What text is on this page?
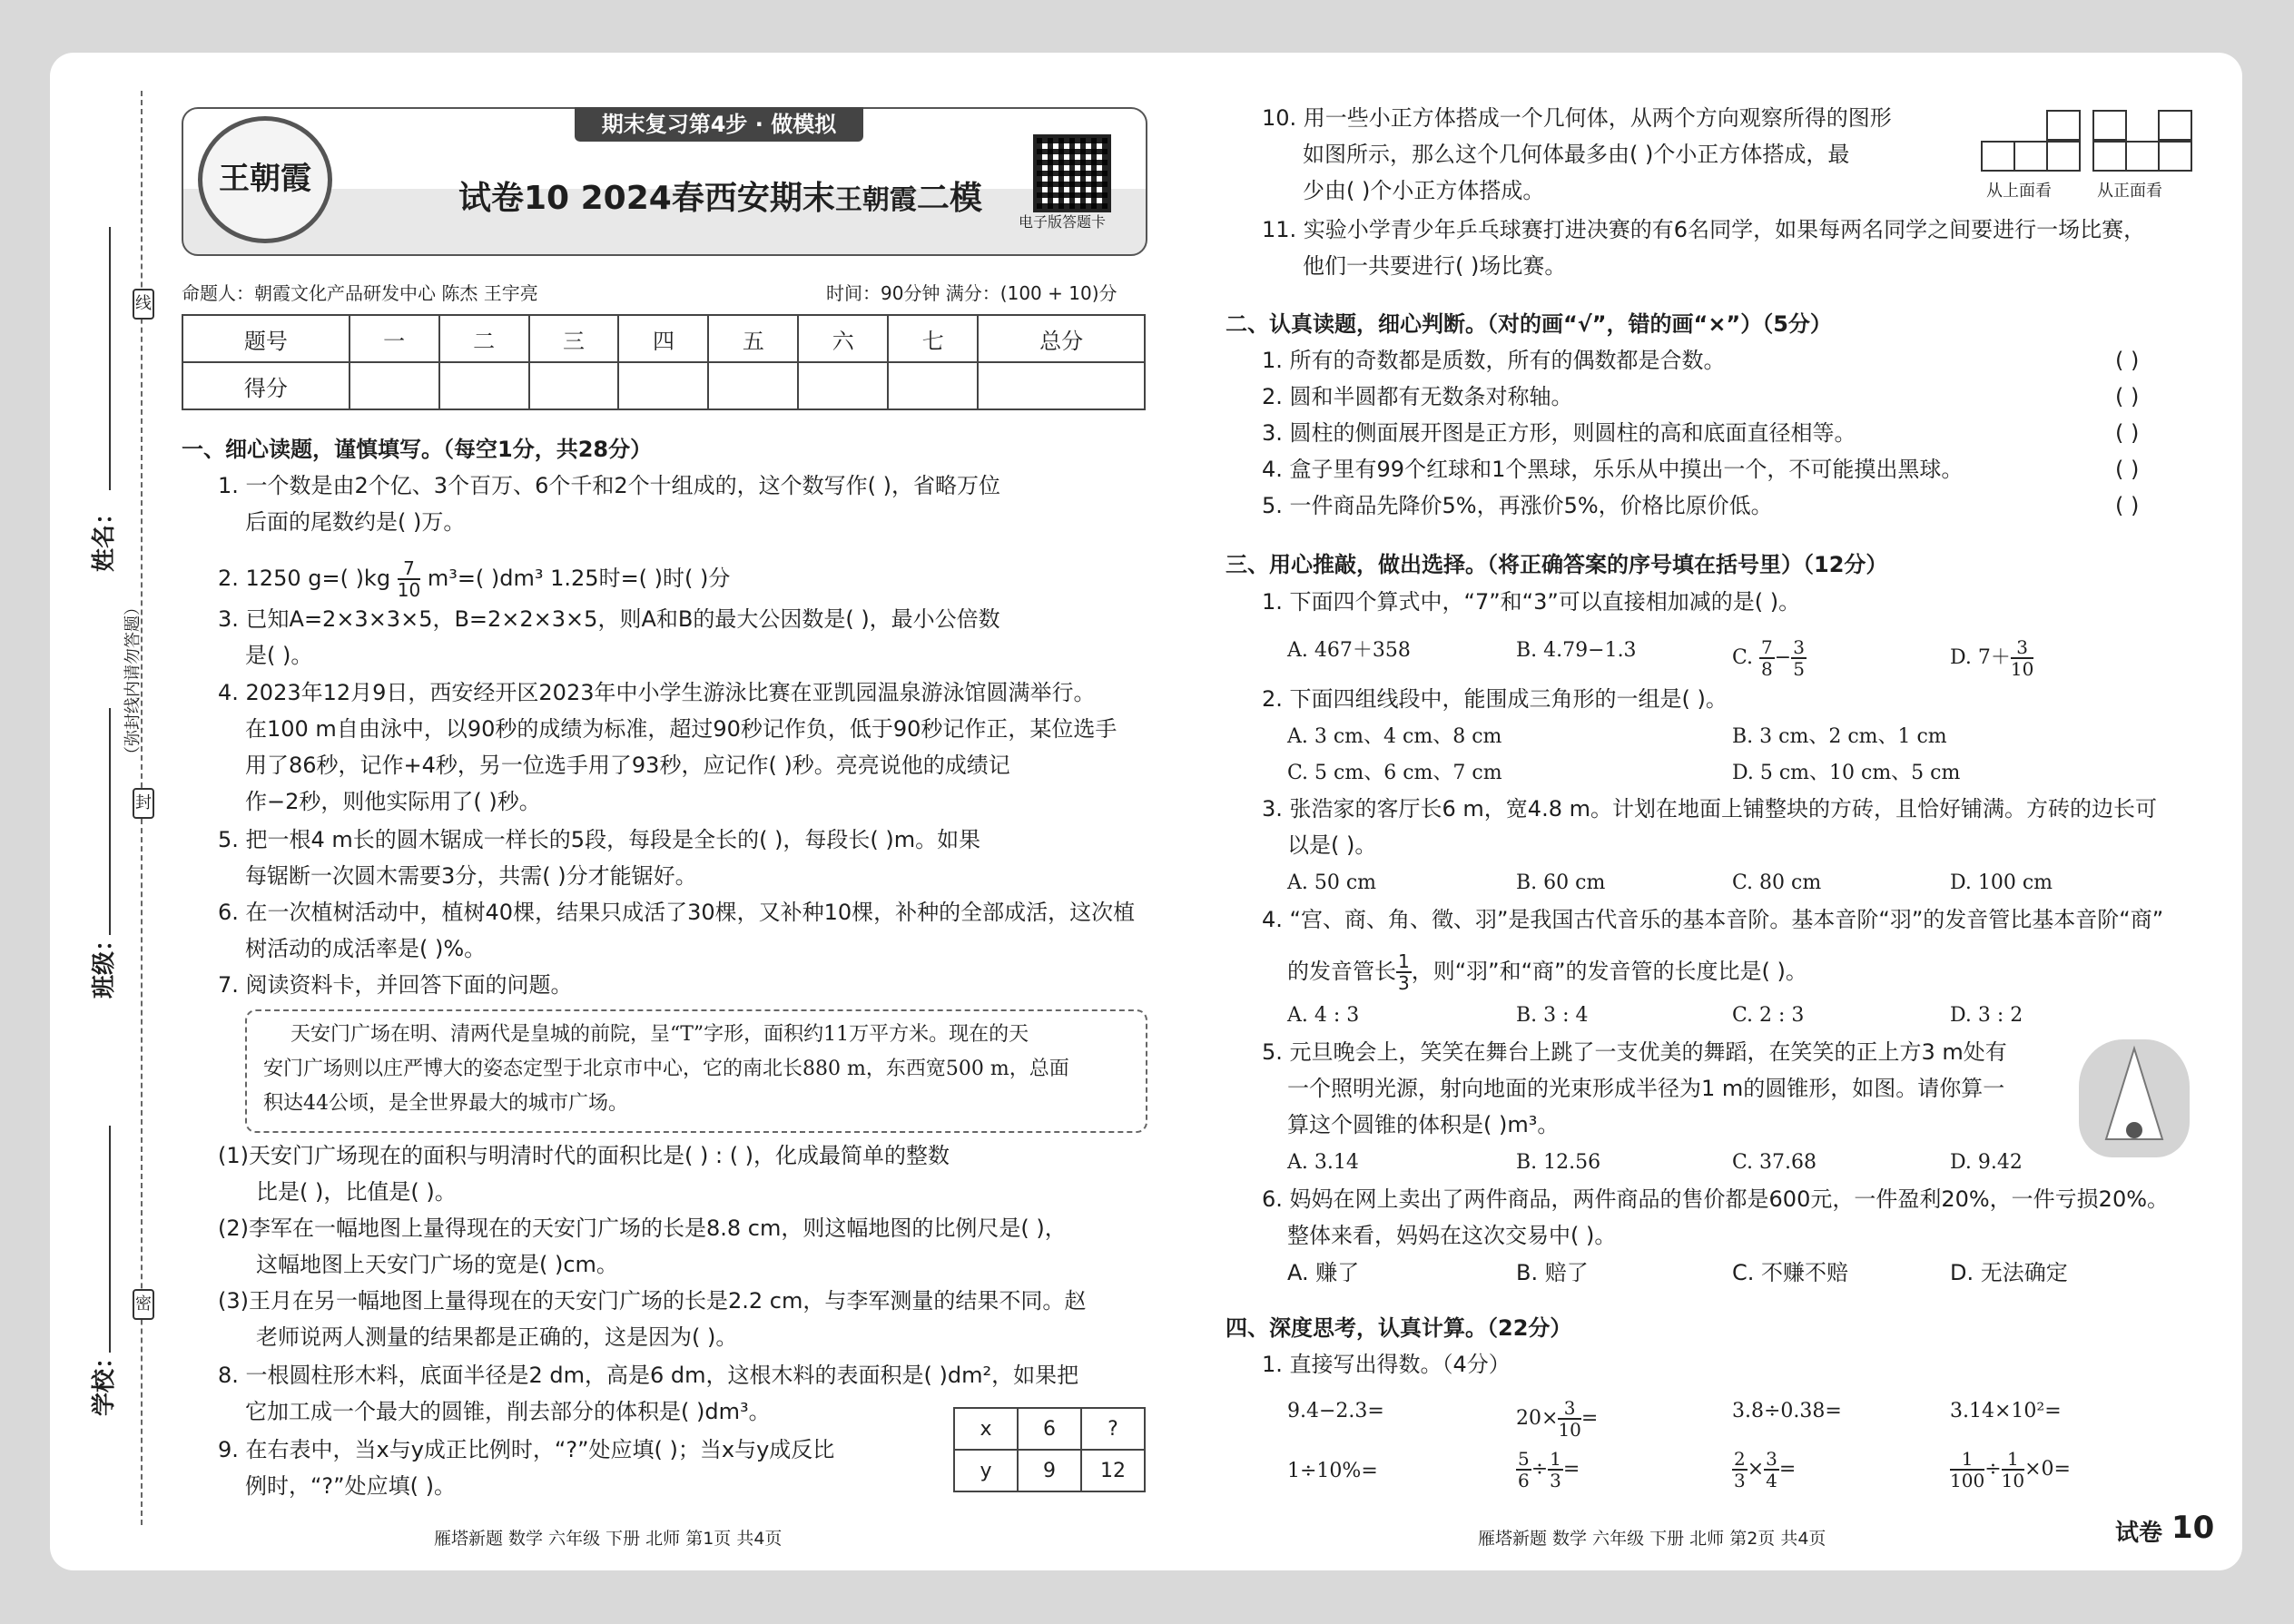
线
封
密
姓名：
班级：
学校：
（弥封线内请勿答题）
王朝霞
期末复习第4步 · 做模拟
试卷10 2024春西安期末王朝霞二模
电子版答题卡
命题人：朝霞文化产品研发中心 陈杰 王宇亮	时间：90分钟 满分：(100 + 10)分
题号	一	二	三	四	五	六	七	总分
得分								
一、细心读题，谨慎填写。（每空1分，共28分）
1. 一个数是由2个亿、3个百万、6个千和2个十组成的，这个数写作( )，省略万位
后面的尾数约是( )万。
2. 1250 g=( )$kg \frac{7}{10} m^3=$( )dm³ 1.25时=( )时( )分
3. 已知A=2×3×3×5，B=2×2×3×5，则A和B的最大公因数是( )，最小公倍数
是( )。
4. 2023年12月9日，西安经开区2023年中小学生游泳比赛在亚凯园温泉游泳馆圆满举行。
在100 m自由泳中，以90秒的成绩为标准，超过90秒记作负，低于90秒记作正，某位选手
用了86秒，记作+4秒，另一位选手用了93秒，应记作( )秒。亮亮说他的成绩记
作−2秒，则他实际用了( )秒。
5. 把一根4 m长的圆木锯成一样长的5段，每段是全长的( )，每段长( )m。如果
每锯断一次圆木需要3分，共需( )分才能锯好。
6. 在一次植树活动中，植树40棵，结果只成活了30棵，又补种10棵，补种的全部成活，这次植
树活动的成活率是( )%。
7. 阅读资料卡，并回答下面的问题。
天安门广场在明、清两代是皇城的前院，呈“T”字形，面积约11万平方米。现在的天
安门广场则以庄严博大的姿态定型于北京市中心，它的南北长880 m，东西宽500 m，总面
积达44公顷，是全世界最大的城市广场。
(1)天安门广场现在的面积与明清时代的面积比是( ) : ( )，化成最简单的整数
比是( )，比值是( )。
(2)李军在一幅地图上量得现在的天安门广场的长是8.8 cm，则这幅地图的比例尺是( )，
这幅地图上天安门广场的宽是( )cm。
(3)王月在另一幅地图上量得现在的天安门广场的长是2.2 cm，与李军测量的结果不同。赵
老师说两人测量的结果都是正确的，这是因为( )。
8. 一根圆柱形木料，底面半径是2 dm，高是6 dm，这根木料的表面积是( )dm²，如果把
它加工成一个最大的圆锥，削去部分的体积是( )dm³。
9. 在右表中，当x与y成正比例时，“?”处应填( )；当x与y成反比
例时，“?”处应填( )。
x	6	?
y	9	12
雁塔新题 数学 六年级 下册 北师 第1页 共4页
10. 用一些小正方体搭成一个几何体，从两个方向观察所得的图形
如图所示，那么这个几何体最多由( )个小正方体搭成，最
少由( )个小正方体搭成。	从上面看	从正面看
11. 实验小学青少年乒乓球赛打进决赛的有6名同学，如果每两名同学之间要进行一场比赛，
他们一共要进行( )场比赛。
二、认真读题，细心判断。（对的画“√”，错的画“×”）（5分）
1. 所有的奇数都是质数，所有的偶数都是合数。
2. 圆和半圆都有无数条对称轴。
3. 圆柱的侧面展开图是正方形，则圆柱的高和底面直径相等。
4. 盒子里有99个红球和1个黑球，乐乐从中摸出一个，不可能摸出黑球。
5. 一件商品先降价5%，再涨价5%，价格比原价低。
( )
( )
( )
( )
( )
三、用心推敲，做出选择。（将正确答案的序号填在括号里）（12分）
1. 下面四个算式中，“7”和“3”可以直接相加减的是( )。
A. 467＋358	B. 4.79−1.3	C. $\frac{7}{8} - \frac{3}{5}$	D. $7+ \frac{3}{10}$
2. 下面四组线段中，能围成三角形的一组是( )。
A. 3 cm、4 cm、8 cm	B. 3 cm、2 cm、1 cm
C. 5 cm、6 cm、7 cm	D. 5 cm、10 cm、5 cm
3. 张浩家的客厅长6 m，宽4.8 m。计划在地面上铺整块的方砖，且恰好铺满。方砖的边长可
以是( )。
A. 50 cm	B. 60 cm	C. 80 cm	D. 100 cm
4. “宫、商、角、徵、羽”是我国古代音乐的基本音阶。基本音阶“羽”的发音管比基本音阶“商”
的发音管长 $\frac{1}{3}$ ，则“羽”和“商”的发音管的长度比是( )。
A. 4 : 3	B. 3 : 4	C. 2 : 3	D. 3 : 2
5. 元旦晚会上，笑笑在舞台上跳了一支优美的舞蹈，在笑笑的正上方3 m处有
一个照明光源，射向地面的光束形成半径为1 m的圆锥形，如图。请你算一
算这个圆锥的体积是( )m³。
A. 3.14	B. 12.56	C. 37.68	D. 9.42
6. 妈妈在网上卖出了两件商品，两件商品的售价都是600元，一件盈利20%，一件亏损20%。
整体来看，妈妈在这次交易中( )。
A. 赚了	B. 赔了	C. 不赚不赔	D. 无法确定
四、深度思考，认真计算。（22分）
1. 直接写出得数。（4分）
9.4−2.3=	$20\times \frac{3}{10}$ =	3.8÷0.38=	3.14×10²=
1÷10%=	$\frac{5}{6} \div \frac{1}{3}$ =	$\frac{2}{3} \times \frac{3}{4}$ =	$\frac{1}{100} \div \frac{1}{10} \times 0=$
雁塔新题 数学 六年级 下册 北师 第2页 共4页	试卷 10
